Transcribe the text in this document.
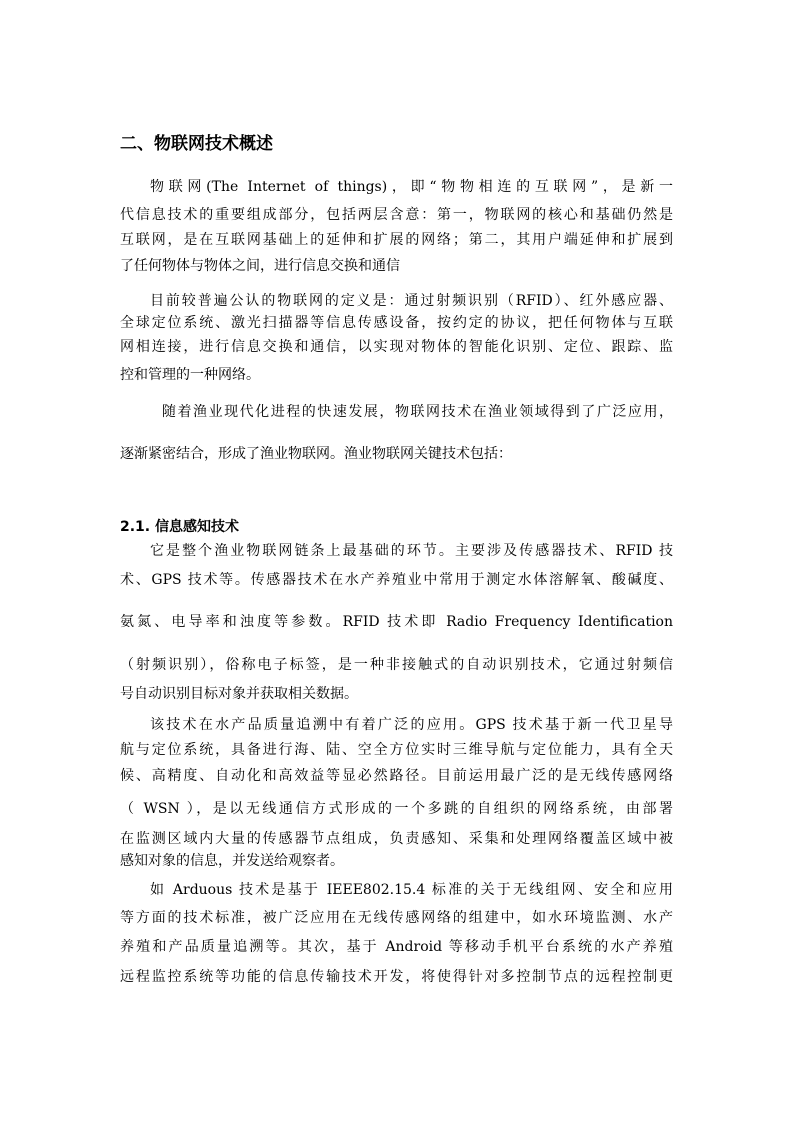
二、物联网技术概述

物联网(The Internet of things)，即“物物相连的互联网”，是新一

代信息技术的重要组成部分，包括两层含意：第一，物联网的核心和基础仍然是

互联网，是在互联网基础上的延伸和扩展的网络；第二，其用户端延伸和扩展到

了任何物体与物体之间，进行信息交换和通信

目前较普遍公认的物联网的定义是：通过射频识别（RFID）、红外感应器、

全球定位系统、激光扫描器等信息传感设备，按约定的协议，把任何物体与互联

网相连接，进行信息交换和通信，以实现对物体的智能化识别、定位、跟踪、监

控和管理的一种网络。

随着渔业现代化进程的快速发展，物联网技术在渔业领域得到了广泛应用，

逐渐紧密结合，形成了渔业物联网。渔业物联网关键技术包括：

2.1. 信息感知技术

它是整个渔业物联网链条上最基础的环节。主要涉及传感器技术、RFID 技

术、GPS 技术等。传感器技术在水产养殖业中常用于测定水体溶解氧、酸碱度、

氨氮、电导率和浊度等参数。RFID 技术即 Radio Frequency Identification

（射频识别），俗称电子标签，是一种非接触式的自动识别技术，它通过射频信

号自动识别目标对象并获取相关数据。

该技术在水产品质量追溯中有着广泛的应用。GPS 技术基于新一代卫星导

航与定位系统，具备进行海、陆、空全方位实时三维导航与定位能力，具有全天

候、高精度、自动化和高效益等显必然路径。目前运用最广泛的是无线传感网络

（ WSN ），是以无线通信方式形成的一个多跳的自组织的网络系统，由部署

在监测区域内大量的传感器节点组成，负责感知、采集和处理网络覆盖区域中被

感知对象的信息，并发送给观察者。

如 Arduous 技术是基于 IEEE802.15.4 标准的关于无线组网、安全和应用

等方面的技术标准，被广泛应用在无线传感网络的组建中，如水环境监测、水产

养殖和产品质量追溯等。其次，基于 Android 等移动手机平台系统的水产养殖

远程监控系统等功能的信息传输技术开发，将使得针对多控制节点的远程控制更
